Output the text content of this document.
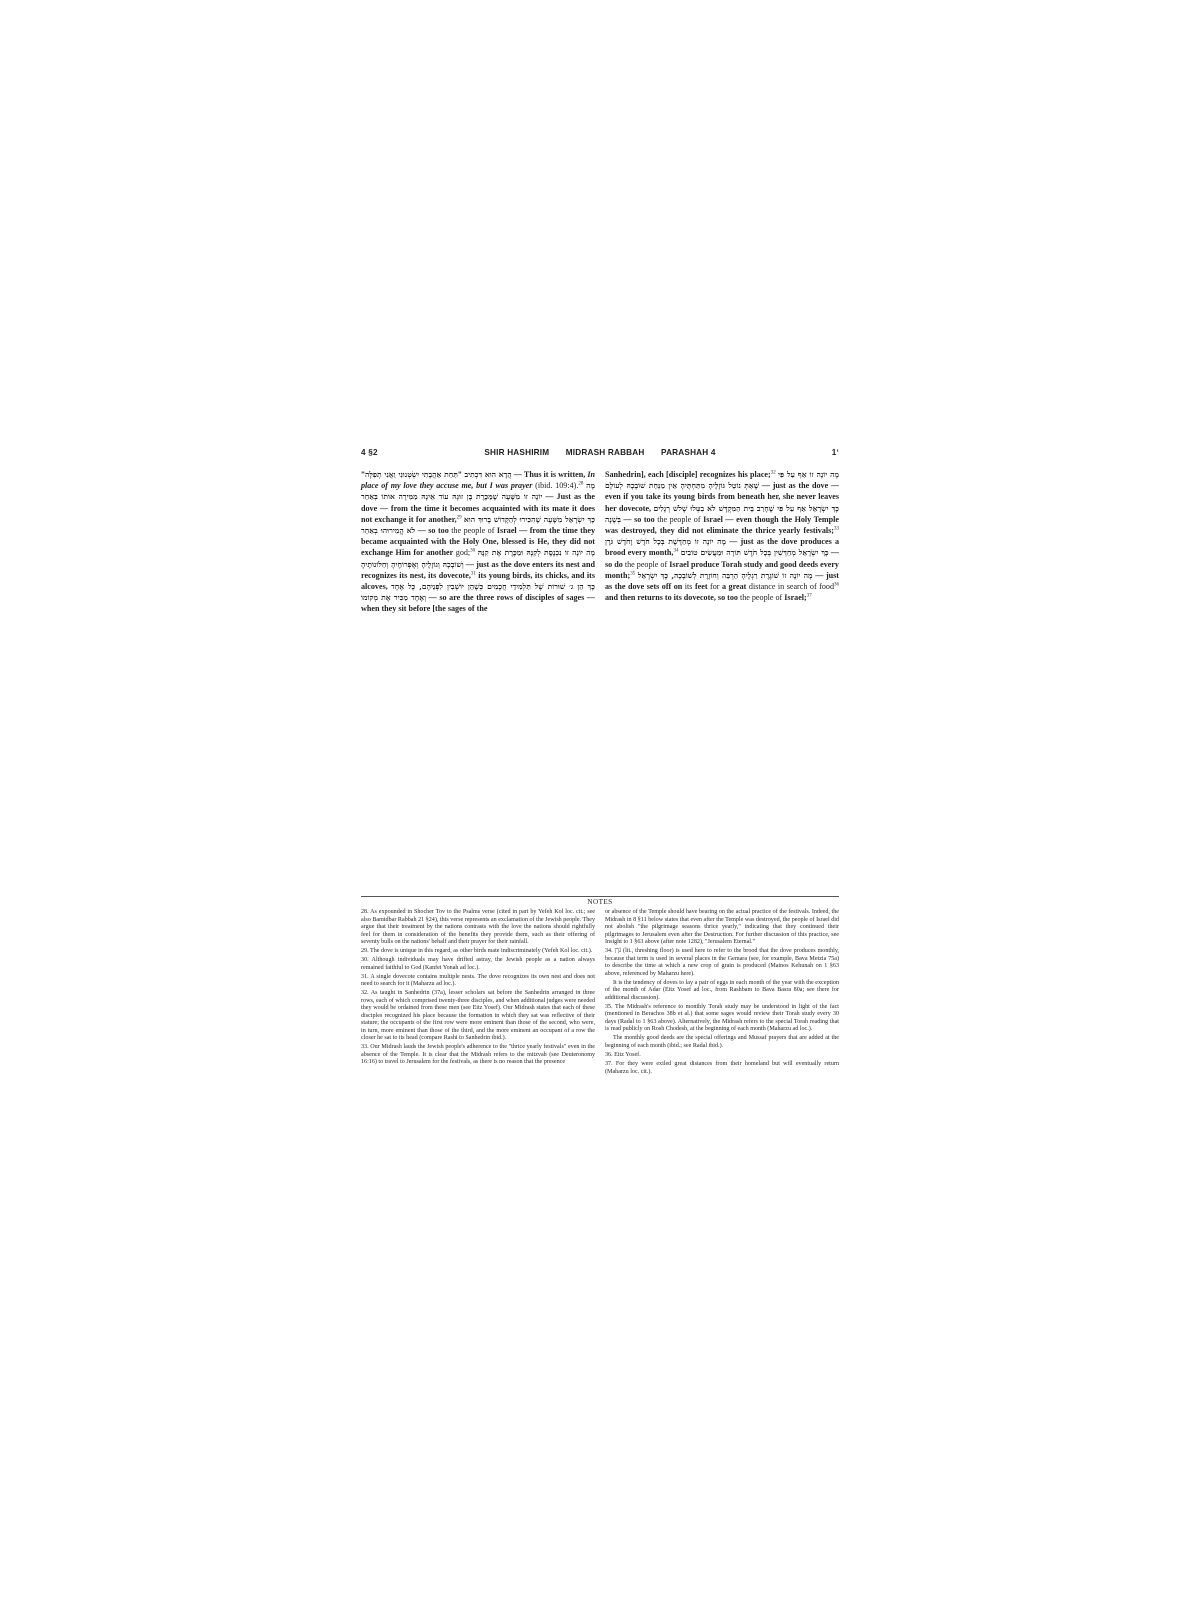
4 §2	SHIR HASHIRIM MIDRASH RABBAH PARASHAH 4	1ʻ

הֲדָא הוּא דִּכְתִיב "תַּחַת אַהֲבָתִי יִשְׂטְנוּנִי וַאֲנִי תְפִלָּה" — Thus it is written, In place of my love they accuse me, but I was prayer (ibid. 109:4).$^{28}$ מָה יוֹנָה זוֹ מִשָּׁעָה שֶׁמַּכֶּרֶת בֶּן זוּגָהּ עוֹד אֵינָהּ מַמִּירָה אוֹתוֹ בְּאַחֵר — Just as the dove — from the time it becomes acquainted with its mate it does not exchange it for another,$^{29}$ כָּךְ יִשְׂרָאֵל מִשָּׁעָה שֶׁהִכִּירוּ לְהַקָּדוֹשׁ בָּרוּךְ הוּא לֹא הֱמִירוּהוּ בְאַחֵר — so too the people of Israel — from the time they became acquainted with the Holy One, blessed is He, they did not exchange Him for another god;$^{30}$ מָה יוֹנָה זוֹ נִכְנֶסֶת לְקִנָּהּ וּמַכֶּרֶת אֶת קִנָּהּ וְשׁוֹבָכָהּ וְגוֹזָלֶיהָ וְאֶפְרוֹחֶיהָ וְחַלּוֹנוֹתֶיהָ — just as the dove enters its nest and recognizes its nest, its dovecote,$^{31}$ its young birds, its chicks, and its alcoves, כָּךְ הֵן ג׳ שׁוּרוֹת שֶׁל תַּלְמִידֵי חֲכָמִים כְּשֶׁהֵן יוֹשְׁבִין לִפְנֵיהֶם, כָּל אֶחָד וְאֶחָד מַכִּיר אֶת מְקוֹמוֹ — so are the three rows of disciples of sages — when they sit before [the sages of the

Sanhedrin], each [disciple] recognizes his place;$^{32}$ מָה יוֹנָה זוֹ אַף עַל פִּי שֶׁאַתְּ נוֹטֵל גּוֹזָלֶיהָ מִתַּחְתֶּיהָ אֵין מַנַּחַת שׁוֹבָכָהּ לְעוֹלָם — just as the dove — even if you take its young birds from beneath her, she never leaves her dovecote, כָּךְ יִשְׂרָאֵל אַף עַל פִּי שֶׁחָרַב בֵּית הַמִּקְדָּשׁ לֹא בִטְּלוּ שָׁלֹשׁ רְגָלִים בְּשָׁנָה — so too the people of Israel — even though the Holy Temple was destroyed, they did not eliminate the thrice yearly festivals;$^{33}$ מָה יוֹנָה זוֹ מְחַדֶּשֶׁת בְּכָל חֹדֶשׁ וָחֹדֶשׁ גֹּרֶן — just as the dove produces a brood every month,$^{34}$ כָּךְ יִשְׂרָאֵל מְחַדְּשִׁין בְּכָל חֹדֶשׁ תּוֹרָה וּמַעֲשִׂים טוֹבִים — so do the people of Israel produce Torah study and good deeds every month;$^{35}$ מָה יוֹנָה זוֹ שׁוֹגֶרֶת רַגְלֶיהָ הַרְבֵּה וְחוֹזֶרֶת לְשׁוֹבָכָהּ, כָּךְ יִשְׂרָאֵל — just as the dove sets off on its feet for a great distance in search of food$^{36}$ and then returns to its dovecote, so too the people of Israel;$^{37}$

NOTES

28. As expounded in Shocher Tov to the Psalms verse (cited in part by Yefeh Kol loc. cit.; see also Bamidbar Rabbah 21 §24), this verse represents an exclamation of the Jewish people. They argue that their treatment by the nations contrasts with the love the nations should rightfully feel for them in consideration of the benefits they provide them, such as their offering of seventy bulls on the nations' behalf and their prayer for their rainfall.

29. The dove is unique in this regard, as other birds mate indiscriminately (Yefeh Kol loc. cit.).

30. Although individuals may have drifted astray, the Jewish people as a nation always remained faithful to God (Kanfei Yonah ad loc.).

31. A single dovecote contains multiple nests. The dove recognizes its own nest and does not need to search for it (Maharzu ad loc.).

32. As taught in Sanhedrin (37a), lesser scholars sat before the Sanhedrin arranged in three rows, each of which comprised twenty-three disciples, and when additional judges were needed they would be ordained from these men (see Eitz Yosef). Our Midrash states that each of these disciples recognized his place because the formation in which they sat was reflective of their stature; the occupants of the first row were more eminent than those of the second, who were, in turn, more eminent than those of the third, and the more eminent an occupant of a row the closer he sat to its head (compare Rashi to Sanhedrin ibid.).

33. Our Midrash lauds the Jewish people's adherence to the "thrice yearly festivals" even in the absence of the Temple. It is clear that the Midrash refers to the mitzvah (see Deuteronomy 16:16) to travel to Jerusalem for the festivals, as there is no reason that the presence

or absence of the Temple should have bearing on the actual practice of the festivals. Indeed, the Midrash in 8 §11 below states that even after the Temple was destroyed, the people of Israel did not abolish "the pilgrimage seasons thrice yearly," indicating that they continued their pilgrimages to Jerusalem even after the Destruction. For further discussion of this practice, see Insight to 1 §63 above (after note 1282), "Jerusalem Eternal."

34. גֹּרֶן (lit., threshing floor) is used here to refer to the brood that the dove produces monthly, because that term is used in several places in the Gemara (see, for example, Bava Metzia 75a) to describe the time at which a new crop of grain is produced (Matnos Kehunah on 1 §63 above, referenced by Maharzu here).

It is the tendency of doves to lay a pair of eggs in each month of the year with the exception of the month of Adar (Eitz Yosef ad loc., from Rashbam to Bava Basra 80a; see there for additional discussion).

35. The Midrash's reference to monthly Torah study may be understood in light of the fact (mentioned in Berachos 38b et al.) that some sages would review their Torah study every 30 days (Radal to 1 §63 above). Alternatively, the Midrash refers to the special Torah reading that is read publicly on Rosh Chodesh, at the beginning of each month (Maharzu ad loc.).

The monthly good deeds are the special offerings and Mussaf prayers that are added at the beginning of each month (ibid.; see Radal ibid.).

36. Eitz Yosef.

37. For they were exiled great distances from their homeland but will eventually return (Maharzu loc. cit.).
